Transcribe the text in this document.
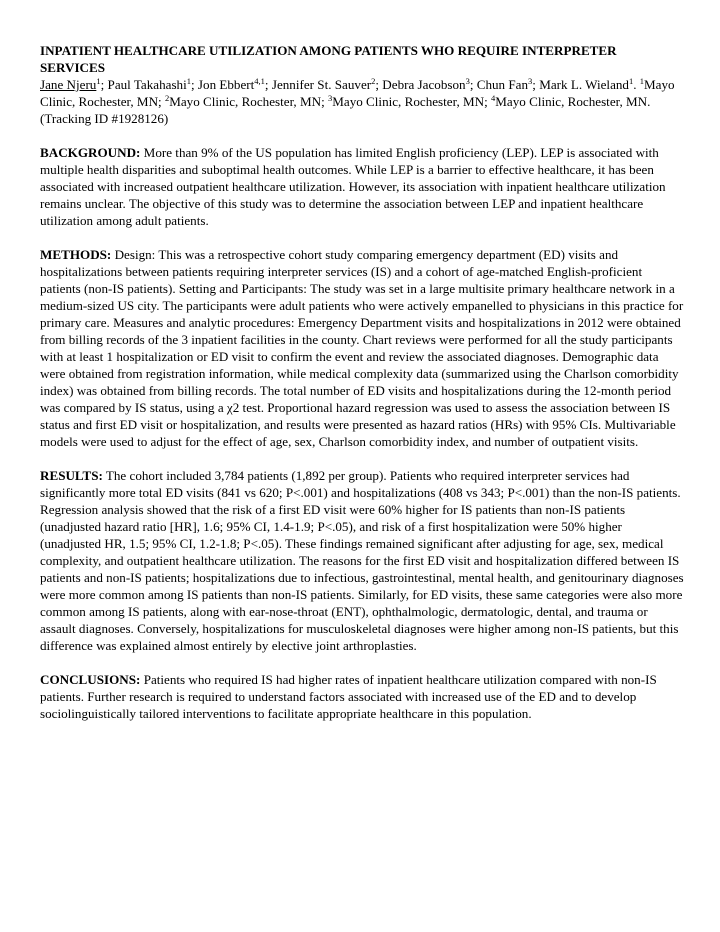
INPATIENT HEALTHCARE UTILIZATION AMONG PATIENTS WHO REQUIRE INTERPRETER SERVICES

Jane Njeru$^1$; Paul Takahashi$^1$; Jon Ebbert$^{4,1}$; Jennifer St. Sauver$^2$; Debra Jacobson$^3$; Chun Fan$^3$; Mark L. Wieland$^1$. $^1$Mayo Clinic, Rochester, MN; $^2$Mayo Clinic, Rochester, MN; $^3$Mayo Clinic, Rochester, MN; $^4$Mayo Clinic, Rochester, MN. (Tracking ID #1928126)

BACKGROUND: More than 9% of the US population has limited English proficiency (LEP). LEP is associated with multiple health disparities and suboptimal health outcomes. While LEP is a barrier to effective healthcare, it has been associated with increased outpatient healthcare utilization. However, its association with inpatient healthcare utilization remains unclear. The objective of this study was to determine the association between LEP and inpatient healthcare utilization among adult patients.

METHODS: Design: This was a retrospective cohort study comparing emergency department (ED) visits and hospitalizations between patients requiring interpreter services (IS) and a cohort of age-matched English-proficient patients (non-IS patients). Setting and Participants: The study was set in a large multisite primary healthcare network in a medium-sized US city. The participants were adult patients who were actively empanelled to physicians in this practice for primary care. Measures and analytic procedures: Emergency Department visits and hospitalizations in 2012 were obtained from billing records of the 3 inpatient facilities in the county. Chart reviews were performed for all the study participants with at least 1 hospitalization or ED visit to confirm the event and review the associated diagnoses. Demographic data were obtained from registration information, while medical complexity data (summarized using the Charlson comorbidity index) was obtained from billing records. The total number of ED visits and hospitalizations during the 12-month period was compared by IS status, using a χ2 test. Proportional hazard regression was used to assess the association between IS status and first ED visit or hospitalization, and results were presented as hazard ratios (HRs) with 95% CIs. Multivariable models were used to adjust for the effect of age, sex, Charlson comorbidity index, and number of outpatient visits.

RESULTS: The cohort included 3,784 patients (1,892 per group). Patients who required interpreter services had significantly more total ED visits (841 vs 620; P<.001) and hospitalizations (408 vs 343; P<.001) than the non-IS patients. Regression analysis showed that the risk of a first ED visit were 60% higher for IS patients than non-IS patients (unadjusted hazard ratio [HR], 1.6; 95% CI, 1.4-1.9; P<.05), and risk of a first hospitalization were 50% higher (unadjusted HR, 1.5; 95% CI, 1.2-1.8; P<.05). These findings remained significant after adjusting for age, sex, medical complexity, and outpatient healthcare utilization. The reasons for the first ED visit and hospitalization differed between IS patients and non-IS patients; hospitalizations due to infectious, gastrointestinal, mental health, and genitourinary diagnoses were more common among IS patients than non-IS patients. Similarly, for ED visits, these same categories were also more common among IS patients, along with ear-nose-throat (ENT), ophthalmologic, dermatologic, dental, and trauma or assault diagnoses. Conversely, hospitalizations for musculoskeletal diagnoses were higher among non-IS patients, but this difference was explained almost entirely by elective joint arthroplasties.

CONCLUSIONS: Patients who required IS had higher rates of inpatient healthcare utilization compared with non-IS patients. Further research is required to understand factors associated with increased use of the ED and to develop sociolinguistically tailored interventions to facilitate appropriate healthcare in this population.
